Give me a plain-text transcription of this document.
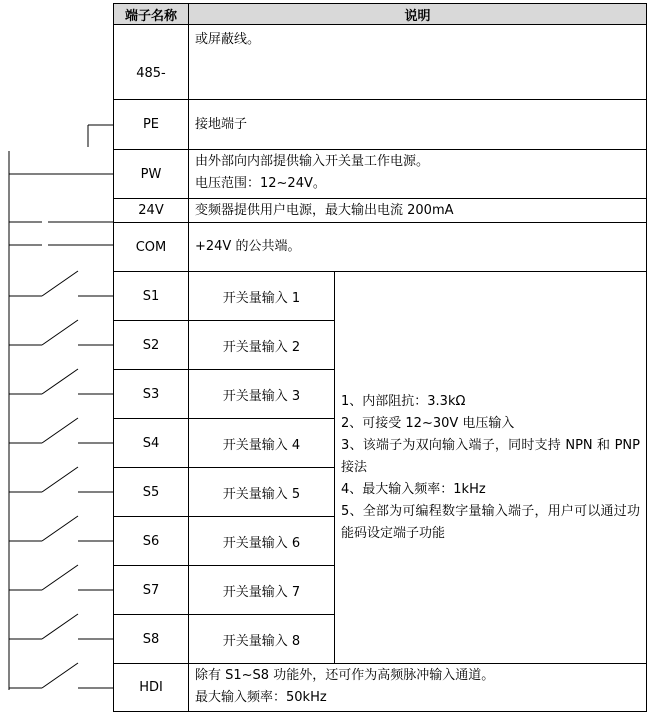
端子名称	说明	
485-	或屏蔽线。	
PE	接地端子	
PW	由外部向内部提供输入开关量工作电源。
电压范围：12~24V。	

24V	变频器提供用户电源，最大输出电流 200mA	
COM	+24V 的公共端。	
S1	开关量输入 1	1、内部阻抗：3.3kΩ
2、可接受 12~30V 电压输入
3、该端子为双向输入端子，同时支持 NPN 和 PNP 接法
4、最大输入频率：1kHz
5、全部为可编程数字量输入端子，用户可以通过功能码设定端子功能

S2	开关量输入 2	
S3	开关量输入 3	
S4	开关量输入 4	
S5	开关量输入 5	
S6	开关量输入 6	
S7	开关量输入 7	
S8	开关量输入 8	
HDI	除有 S1~S8 功能外，还可作为高频脉冲输入通道。
最大输入频率：50kHz	
